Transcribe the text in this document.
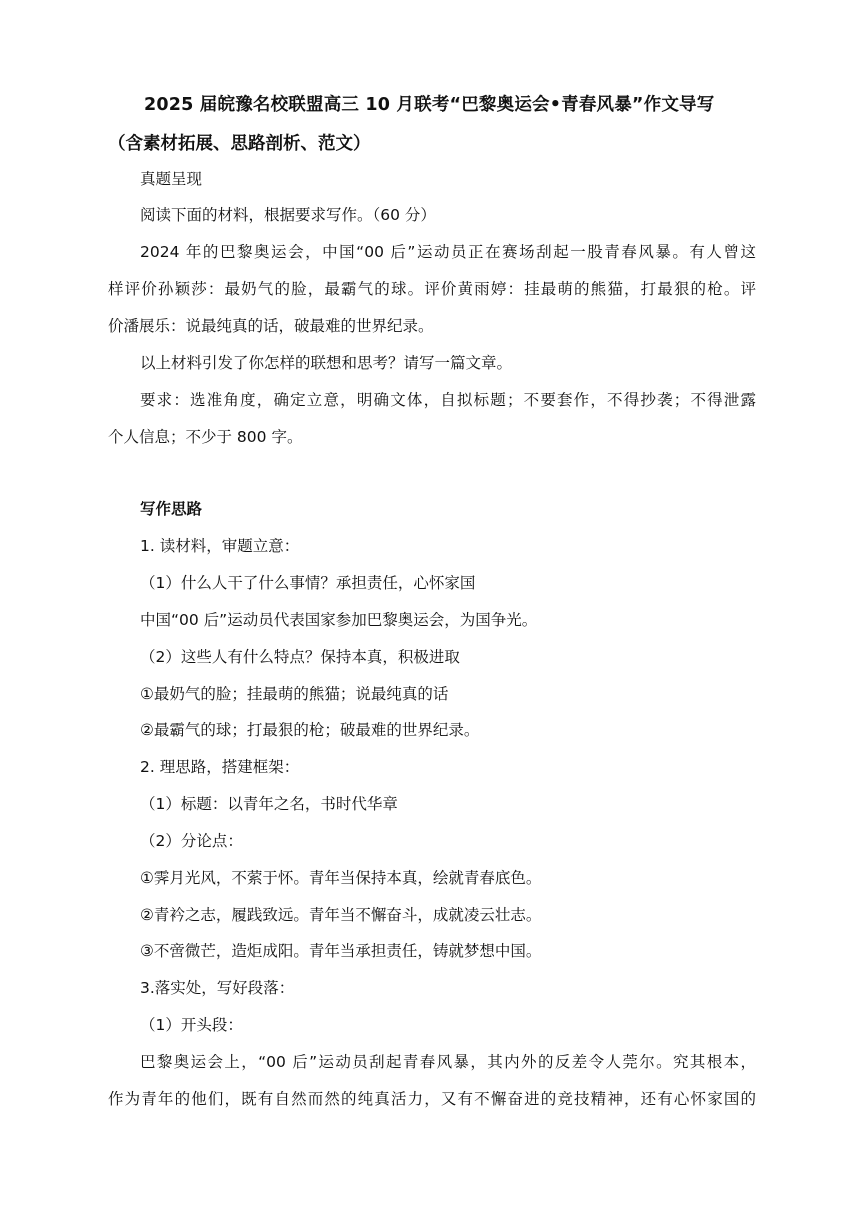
2025 届皖豫名校联盟高三 10 月联考“巴黎奥运会•青春风暴”作文导写
（含素材拓展、思路剖析、范文）
真题呈现
阅读下面的材料，根据要求写作。（60 分）
2024 年的巴黎奥运会，中国“00 后”运动员正在赛场刮起一股青春风暴。有人曾这
样评价孙颖莎：最奶气的脸，最霸气的球。评价黄雨婷：挂最萌的熊猫，打最狠的枪。评
价潘展乐：说最纯真的话，破最难的世界纪录。
以上材料引发了你怎样的联想和思考？请写一篇文章。
要求：选准角度，确定立意，明确文体，自拟标题；不要套作，不得抄袭；不得泄露
个人信息；不少于 800 字。
写作思路
1. 读材料，审题立意：
（1）什么人干了什么事情？承担责任，心怀家国
中国“00 后”运动员代表国家参加巴黎奥运会，为国争光。
（2）这些人有什么特点？保持本真，积极进取
①最奶气的脸；挂最萌的熊猫；说最纯真的话
②最霸气的球；打最狠的枪；破最难的世界纪录。
2. 理思路，搭建框架：
（1）标题：以青年之名，书时代华章
（2）分论点：
①霁月光风，不萦于怀。青年当保持本真，绘就青春底色。
②青衿之志，履践致远。青年当不懈奋斗，成就凌云壮志。
③不啻微芒，造炬成阳。青年当承担责任，铸就梦想中国。
3.落实处，写好段落：
（1）开头段：
巴黎奥运会上，“00 后”运动员刮起青春风暴，其内外的反差令人莞尔。究其根本，
作为青年的他们，既有自然而然的纯真活力，又有不懈奋进的竞技精神，还有心怀家国的
